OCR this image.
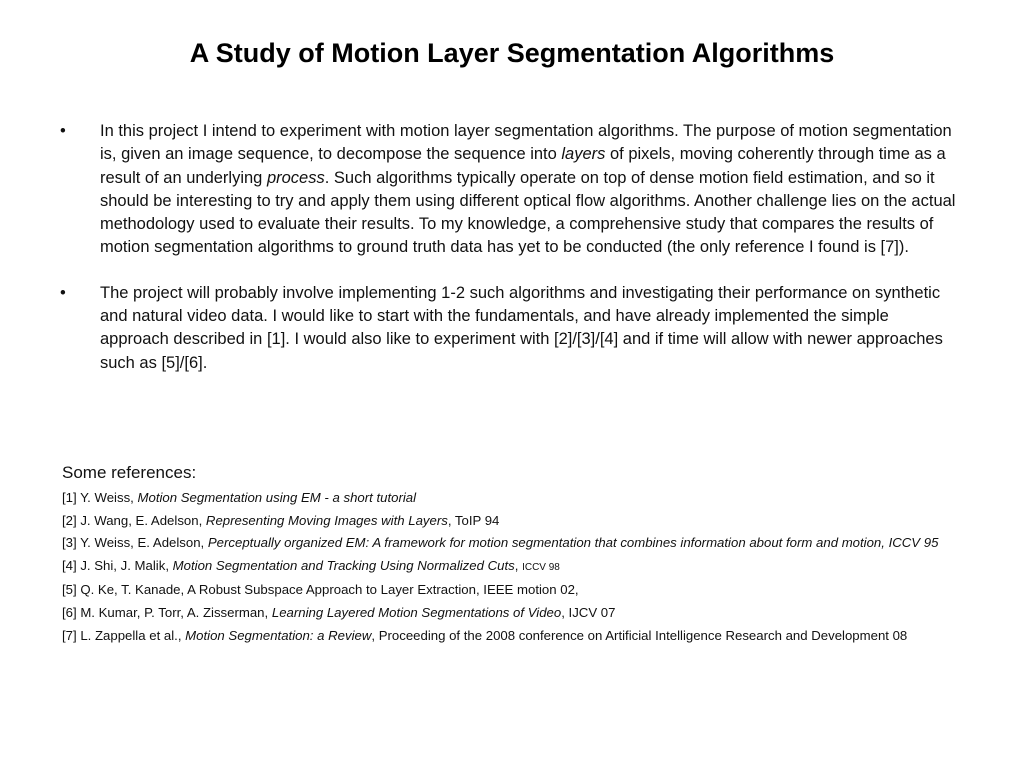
A Study of Motion Layer Segmentation Algorithms
•	In this project I intend to experiment with motion layer segmentation algorithms. The purpose of motion segmentation is, given an image sequence, to decompose the sequence into layers of pixels, moving coherently through time as a result of an underlying process. Such algorithms typically operate on top of dense motion field estimation, and so it should be interesting to try and apply them using different optical flow algorithms. Another challenge lies on the actual methodology used to evaluate their results. To my knowledge, a comprehensive study that compares the results of motion segmentation algorithms to ground truth data has yet to be conducted (the only reference I found is [7]).
•	The project will probably involve implementing 1-2 such algorithms and investigating their performance on synthetic and natural video data. I would like to start with the fundamentals, and have already implemented the simple approach described in [1]. I would also like to experiment with [2]/[3]/[4] and if time will allow with newer approaches such as [5]/[6].
Some references:
[1] Y. Weiss, Motion Segmentation using EM - a short tutorial
[2] J. Wang, E. Adelson, Representing Moving Images with Layers, ToIP 94
[3] Y. Weiss, E. Adelson, Perceptually organized EM: A framework for motion segmentation that combines information about form and motion, ICCV 95
[4] J. Shi, J. Malik, Motion Segmentation and Tracking Using Normalized Cuts, ICCV 98
[5] Q. Ke, T. Kanade, A Robust Subspace Approach to Layer Extraction, IEEE motion 02,
[6] M. Kumar, P. Torr, A. Zisserman, Learning Layered Motion Segmentations of Video, IJCV 07
[7] L. Zappella et al., Motion Segmentation: a Review, Proceeding of the 2008 conference on Artificial Intelligence Research and Development 08
